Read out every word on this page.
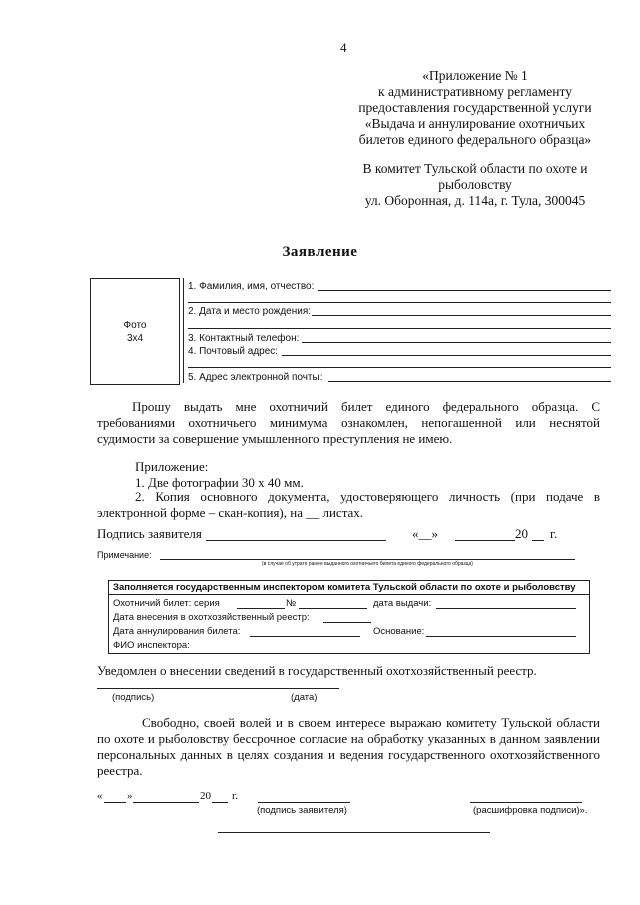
4
«Приложение № 1
к административному регламенту
предоставления государственной услуги
«Выдача и аннулирование охотничьих
билетов единого федерального образца»
В комитет Тульской области по охоте и
рыболовству
ул. Оборонная, д. 114а, г. Тула, 300045
Заявление
Фото
3х4
1. Фамилия, имя, отчество:
2. Дата и место рождения:
3. Контактный телефон:
4. Почтовый адрес:
5. Адрес электронной почты:
Прошу выдать мне охотничий билет единого федерального образца. С требованиями охотничьего минимума ознакомлен, непогашенной или неснятой судимости за совершение умышленного преступления не имею.
Приложение:
1. Две фотографии 30 х 40 мм.
2. Копия основного документа, удостоверяющего личность (при подаче в электронной форме – скан-копия), на __ листах.
Подпись заявителя	«__»	20 г.
Примечание:
(в случае об утрате ранее выданного охотничьего билета единого федерального образца)
Заполняется государственным инспектором комитета Тульской области по охоте и рыболовству
Охотничий билет: серия	№	дата выдачи:
Дата внесения в охотхозяйственный реестр:
Дата аннулирования билета:	Основание:
ФИО инспектора:
Уведомлен о внесении сведений в государственный охотхозяйственный реестр.
(подпись)	(дата)
Свободно, своей волей и в своем интересе выражаю комитету Тульской области по охоте и рыболовству бессрочное согласие на обработку указанных в данном заявлении персональных данных в целях создания и ведения государственного охотхозяйственного реестра.
« »	20 г.
(подпись заявителя)	(расшифровка подписи)».
